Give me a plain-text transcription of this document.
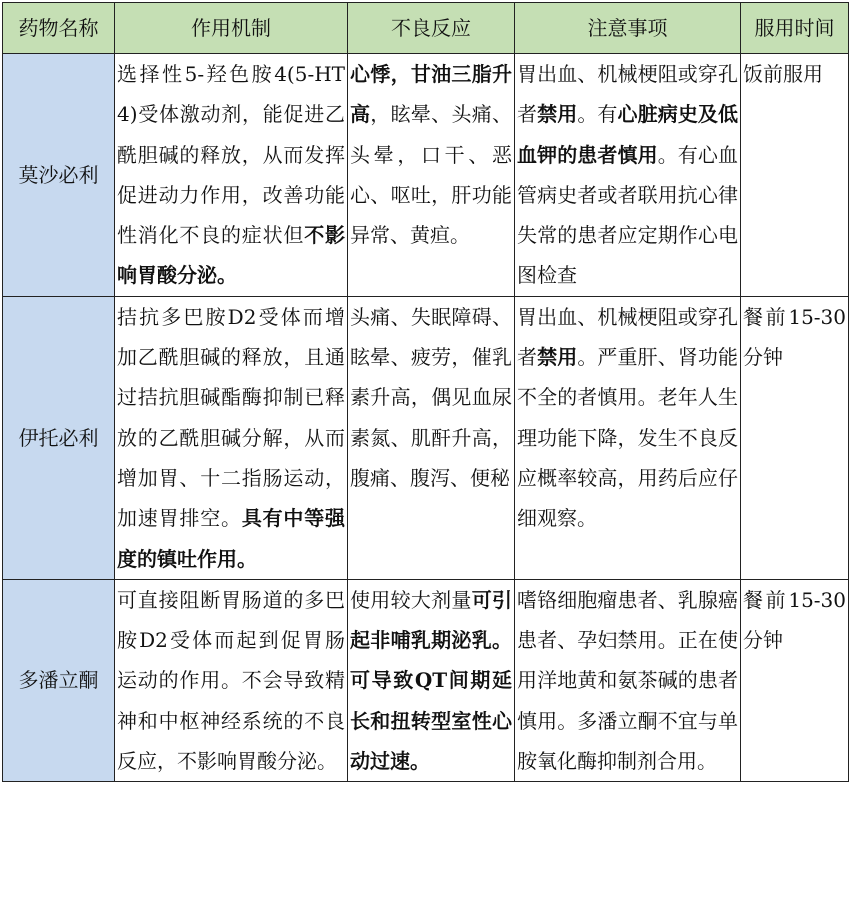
药物名称	作用机制	不良反应	注意事项	服用时间
莫沙必利	选择性5-羟色胺4(5-HT4)受体激动剂，能促进乙酰胆碱的释放，从而发挥促进动力作用，改善功能性消化不良的症状但不影响胃酸分泌。	心悸，甘油三脂升高，眩晕、头痛、头晕，口干、恶心、呕吐，肝功能异常、黄疸。	胃出血、机械梗阻或穿孔者禁用。有心脏病史及低血钾的患者慎用。有心血管病史者或者联用抗心律失常的患者应定期作心电图检查	饭前服用
伊托必利	拮抗多巴胺D2受体而增加乙酰胆碱的释放，且通过拮抗胆碱酯酶抑制已释放的乙酰胆碱分解，从而增加胃、十二指肠运动，加速胃排空。具有中等强度的镇吐作用。	头痛、失眠障碍、眩晕、疲劳，催乳素升高，偶见血尿素氮、肌酐升高，腹痛、腹泻、便秘	胃出血、机械梗阻或穿孔者禁用。严重肝、肾功能不全的者慎用。老年人生理功能下降，发生不良反应概率较高，用药后应仔细观察。	餐前15-30分钟
多潘立酮	可直接阻断胃肠道的多巴胺D2受体而起到促胃肠运动的作用。不会导致精神和中枢神经系统的不良反应，不影响胃酸分泌。	使用较大剂量可引起非哺乳期泌乳。可导致QT间期延长和扭转型室性心动过速。	嗜铬细胞瘤患者、乳腺癌患者、孕妇禁用。正在使用洋地黄和氨茶碱的患者慎用。多潘立酮不宜与单胺氧化酶抑制剂合用。	餐前15-30分钟
